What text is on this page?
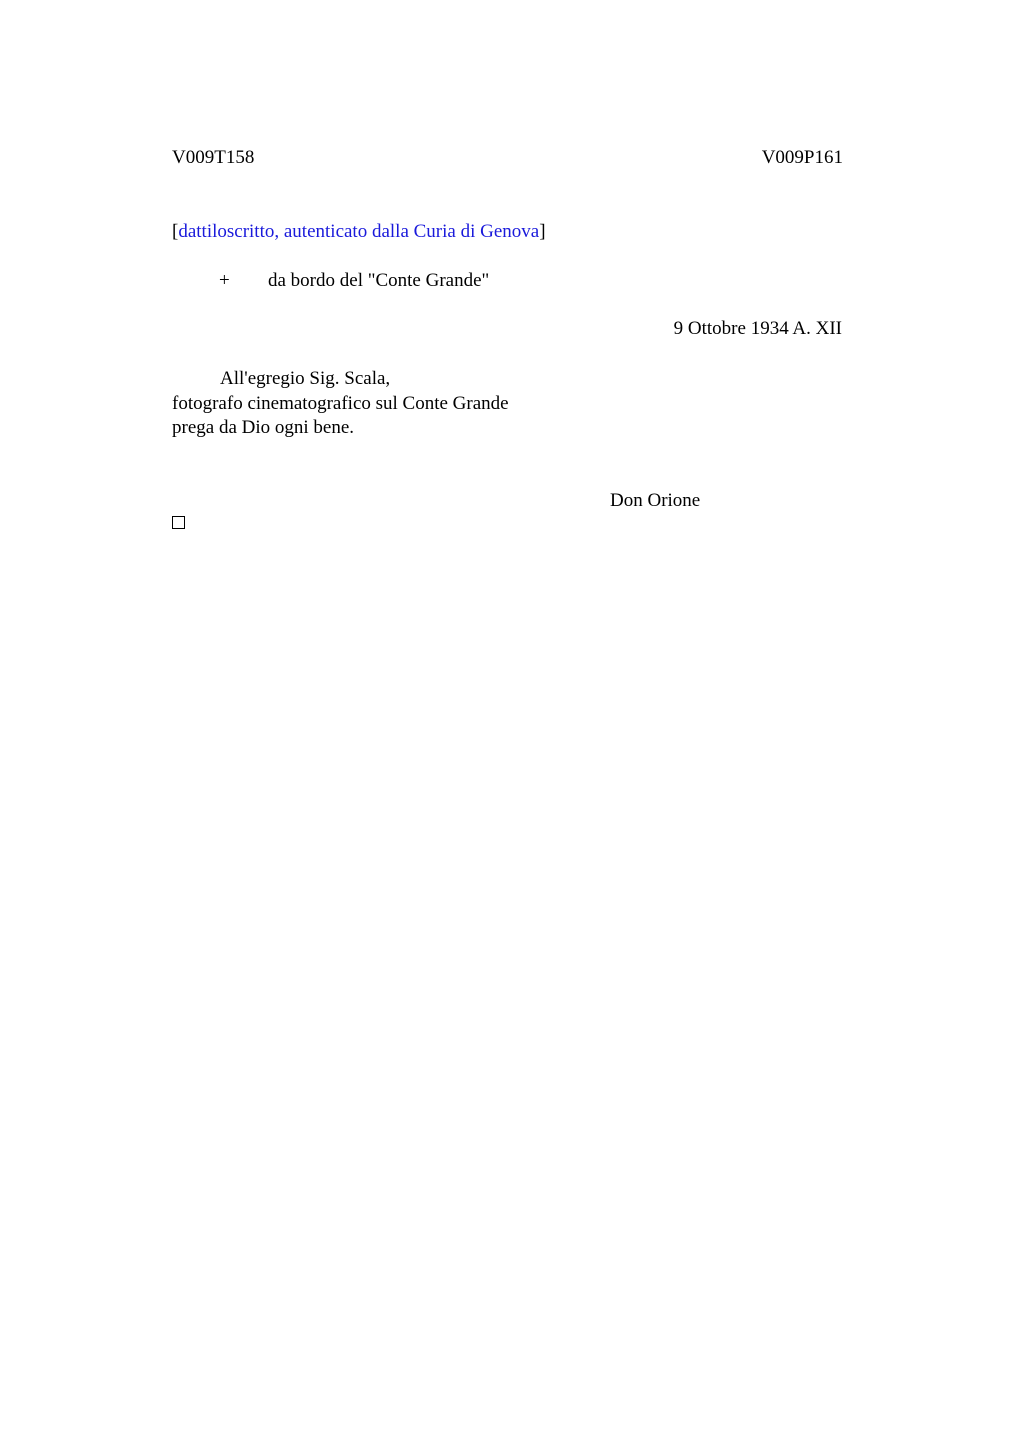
V009T158	V009P161
[dattiloscritto, autenticato dalla Curia di Genova]
+ da bordo del "Conte Grande"
9 Ottobre 1934 A. XII
All'egregio Sig. Scala,
fotografo cinematografico sul Conte Grande
prega da Dio ogni bene.
Don Orione
